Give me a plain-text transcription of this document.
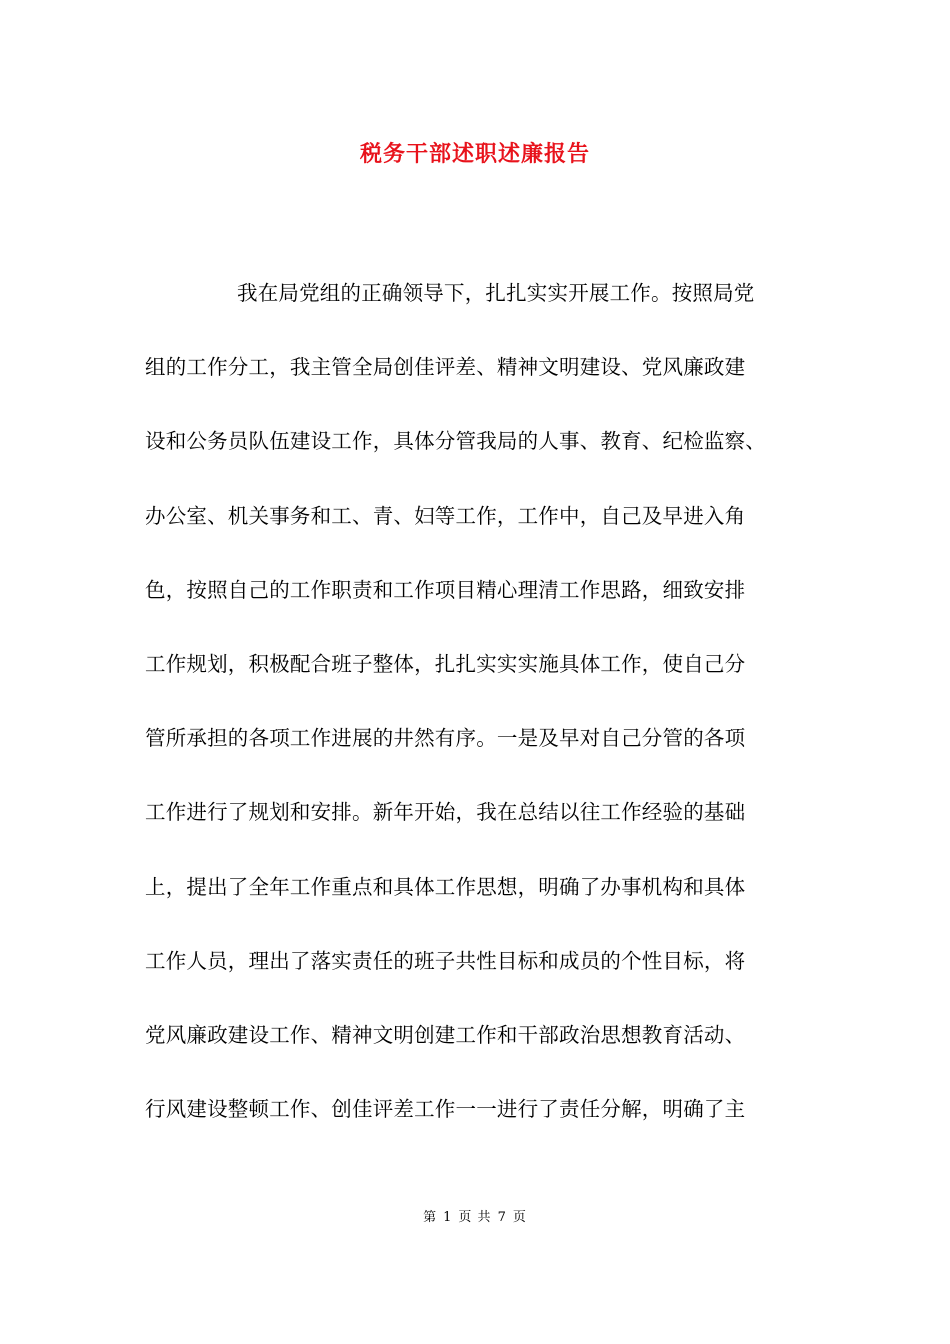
税务干部述职述廉报告
我在局党组的正确领导下，扎扎实实开展工作。按照局党
组的工作分工，我主管全局创佳评差、精神文明建设、党风廉政建
设和公务员队伍建设工作，具体分管我局的人事、教育、纪检监察、
办公室、机关事务和工、青、妇等工作，工作中，自己及早进入角
色，按照自己的工作职责和工作项目精心理清工作思路，细致安排
工作规划，积极配合班子整体，扎扎实实实施具体工作，使自己分
管所承担的各项工作进展的井然有序。一是及早对自己分管的各项
工作进行了规划和安排。新年开始，我在总结以往工作经验的基础
上，提出了全年工作重点和具体工作思想，明确了办事机构和具体
工作人员，理出了落实责任的班子共性目标和成员的个性目标，将
党风廉政建设工作、精神文明创建工作和干部政治思想教育活动、
行风建设整顿工作、创佳评差工作一一进行了责任分解，明确了主
第 1 页 共 7 页
